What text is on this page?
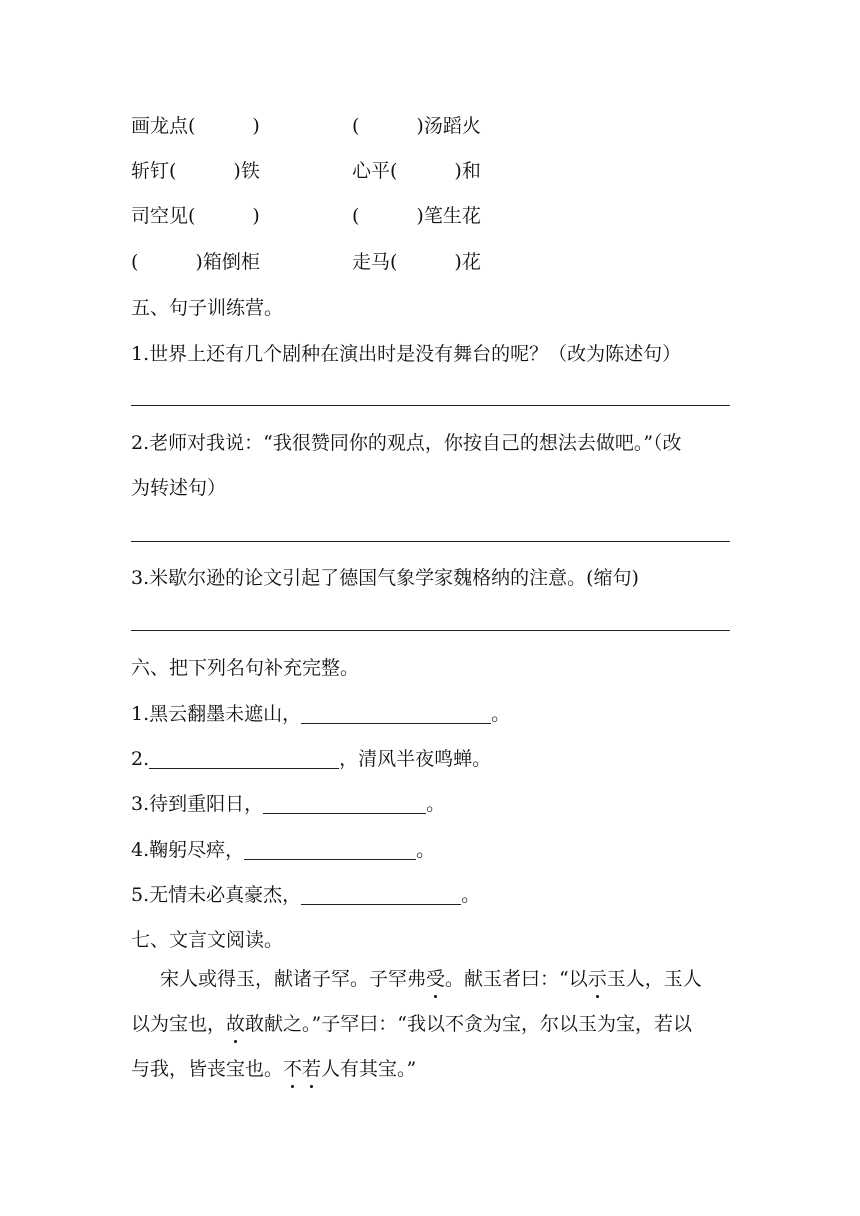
画龙点(　　　)	(　　　)汤蹈火
斩钉(　　　)铁	心平(　　　)和
司空见(　　　)	(　　　)笔生花
(　　　)箱倒柜	走马(　　　)花
五、句子训练营。
1.世界上还有几个剧种在演出时是没有舞台的呢？（改为陈述句）
2.老师对我说：“我很赞同你的观点，你按自己的想法去做吧。”（改
为转述句）
3.米歇尔逊的论文引起了德国气象学家魏格纳的注意。(缩句)
六、把下列名句补充完整。
1.黑云翻墨未遮山，	。
2.	，清风半夜鸣蝉。
3.待到重阳日，	。
4.鞠躬尽瘁，	。
5.无情未必真豪杰，	。
七、文言文阅读。
宋人或得玉，献诸子罕。子罕弗受。献玉者曰：“以示玉人，玉人
以为宝也，故敢献之。”子罕曰：“我以不贪为宝，尔以玉为宝，若以
与我，皆丧宝也。不若人有其宝。”
